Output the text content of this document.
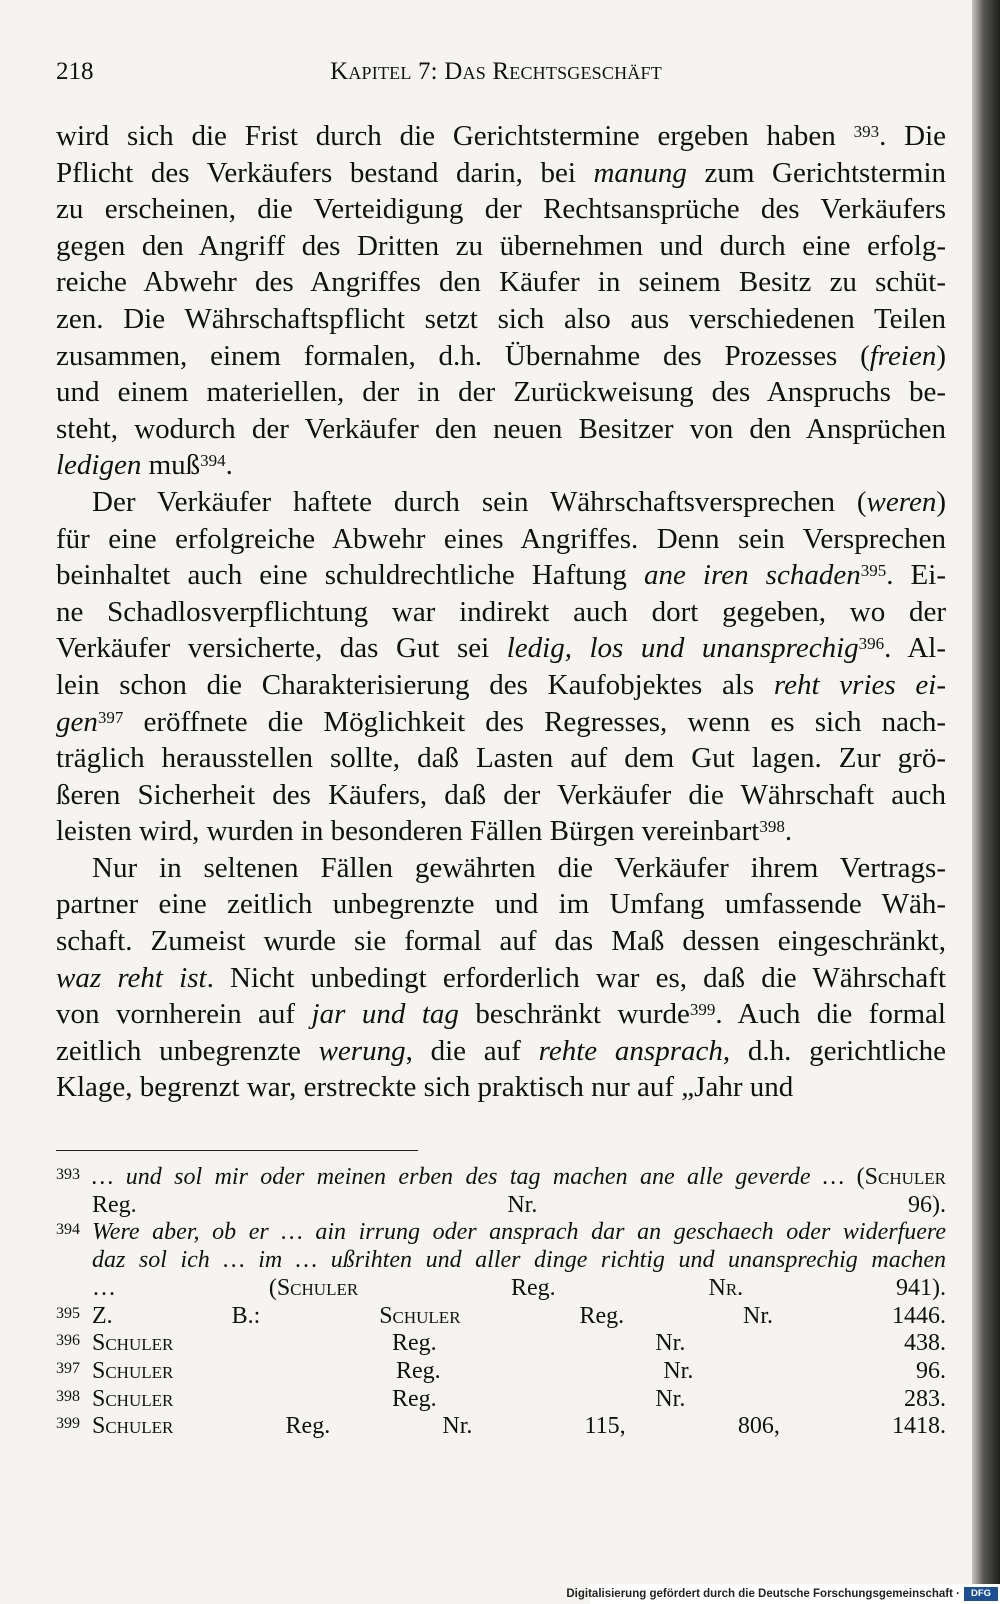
218	Kapitel 7: Das Rechtsgeschäft
wird sich die Frist durch die Gerichtstermine ergeben haben $^{393}$. Die
Pflicht des Verkäufers bestand darin, bei manung zum Gerichtstermin
zu erscheinen, die Verteidigung der Rechtsansprüche des Verkäufers
gegen den Angriff des Dritten zu übernehmen und durch eine erfolg-
reiche Abwehr des Angriffes den Käufer in seinem Besitz zu schüt-
zen. Die Währschaftspflicht setzt sich also aus verschiedenen Teilen
zusammen, einem formalen, d.h. Übernahme des Prozesses (freien)
und einem materiellen, der in der Zurückweisung des Anspruchs be-
steht, wodurch der Verkäufer den neuen Besitzer von den Ansprüchen
ledigen muß$^{394}$.
Der Verkäufer haftete durch sein Währschaftsversprechen (weren)
für eine erfolgreiche Abwehr eines Angriffes. Denn sein Versprechen
beinhaltet auch eine schuldrechtliche Haftung ane iren schaden$^{395}$. Ei-
ne Schadlosverpflichtung war indirekt auch dort gegeben, wo der
Verkäufer versicherte, das Gut sei ledig, los und unansprechig$^{396}$. Al-
lein schon die Charakterisierung des Kaufobjektes als reht vries ei-
gen$^{397}$ eröffnete die Möglichkeit des Regresses, wenn es sich nach-
träglich herausstellen sollte, daß Lasten auf dem Gut lagen. Zur grö-
ßeren Sicherheit des Käufers, daß der Verkäufer die Währschaft auch
leisten wird, wurden in besonderen Fällen Bürgen vereinbart$^{398}$.
Nur in seltenen Fällen gewährten die Verkäufer ihrem Vertrags-
partner eine zeitlich unbegrenzte und im Umfang umfassende Wäh-
schaft. Zumeist wurde sie formal auf das Maß dessen eingeschränkt,
waz reht ist. Nicht unbedingt erforderlich war es, daß die Währschaft
von vornherein auf jar und tag beschränkt wurde$^{399}$. Auch die formal
zeitlich unbegrenzte werung, die auf rehte ansprach, d.h. gerichtliche
Klage, begrenzt war, erstreckte sich praktisch nur auf „Jahr und
393 … und sol mir oder meinen erben des tag machen ane alle geverde … (Schuler
Reg. Nr. 96).
394 Were aber, ob er … ain irrung oder ansprach dar an geschaech oder widerfuere
daz sol ich … im … ußrihten und aller dinge richtig und unansprechig machen
… (Schuler Reg. Nr. 941).
395 Z. B.: Schuler Reg. Nr. 1446.
396 Schuler Reg. Nr. 438.
397 Schuler Reg. Nr. 96.
398 Schuler Reg. Nr. 283.
399 Schuler Reg. Nr. 115, 806, 1418.
Digitalisierung gefördert durch die Deutsche Forschungsgemeinschaft ·	DFG
